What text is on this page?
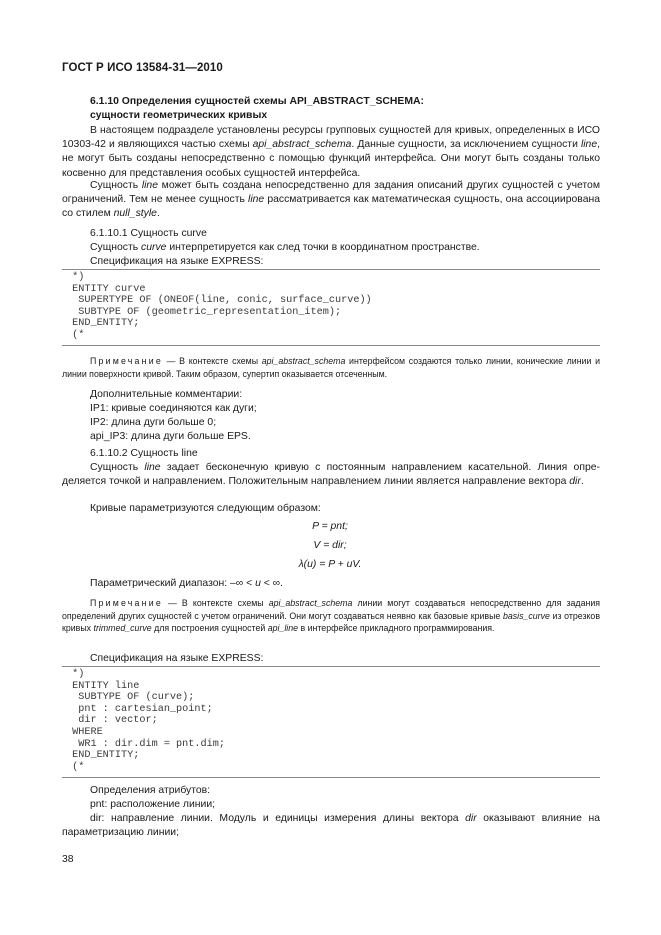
ГОСТ Р ИСО 13584-31—2010
6.1.10 Определения сущностей схемы API_ABSTRACT_SCHEMA:
сущности геометрических кривых
В настоящем подразделе установлены ресурсы групповых сущностей для кривых, определенных в ИСО 10303-42 и являющихся частью схемы api_abstract_schema. Данные сущности, за исключением сущности line, не могут быть созданы непосредственно с помощью функций интерфейса. Они могут быть созданы только косвенно для представления особых сущностей интерфейса.
Сущность line может быть создана непосредственно для задания описаний других сущностей с учетом ограничений. Тем не менее сущность line рассматривается как математическая сущность, она ассоциирована со стилем null_style.
6.1.10.1 Сущность curve
Сущность curve интерпретируется как след точки в координатном пространстве.
Спецификация на языке EXPRESS:
*)
ENTITY curve
SUPERTYPE OF (ONEOF(line, conic, surface_curve))
SUBTYPE OF (geometric_representation_item);
END_ENTITY;
(*
Примечание — В контексте схемы api_abstract_schema интерфейсом создаются только линии, конические линии и линии поверхности кривой. Таким образом, супертип оказывается отсеченным.
Дополнительные комментарии:
IP1: кривые соединяются как дуги;
IP2: длина дуги больше 0;
api_IP3: длина дуги больше EPS.
6.1.10.2 Сущность line
Сущность line задает бесконечную кривую с постоянным направлением касательной. Линия определяется точкой и направлением. Положительным направлением линии является направление вектора dir.
Кривые параметризуются следующим образом:
P = pnt;
V = dir;
λ(u) = P + uV.
Параметрический диапазон: –∞ < u < ∞.
Примечание — В контексте схемы api_abstract_schema линии могут создаваться непосредственно для задания определений других сущностей с учетом ограничений. Они могут создаваться неявно как базовые кривые basis_curve из отрезков кривых trimmed_curve для построения сущностей api_line в интерфейсе прикладного программирования.
Спецификация на языке EXPRESS:
*)
ENTITY line
SUBTYPE OF (curve);
pnt : cartesian_point;
dir : vector;
WHERE
WR1 : dir.dim = pnt.dim;
END_ENTITY;
(*
Определения атрибутов:
pnt: расположение линии;
dir: направление линии. Модуль и единицы измерения длины вектора dir оказывают влияние на параметризацию линии;
38
